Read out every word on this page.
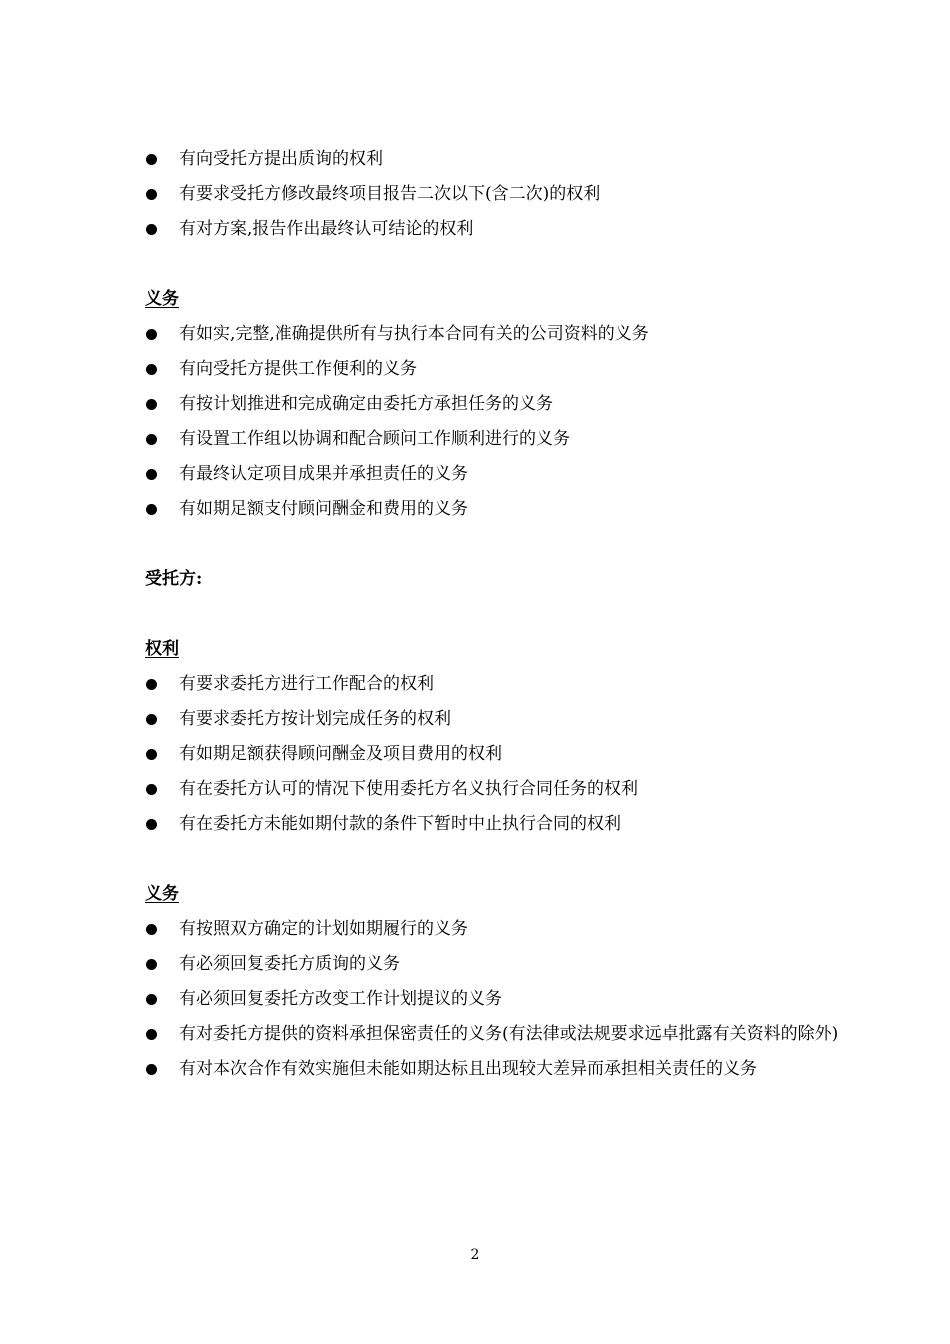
有向受托方提出质询的权利
有要求受托方修改最终项目报告二次以下(含二次)的权利
有对方案,报告作出最终认可结论的权利
义务
有如实,完整,准确提供所有与执行本合同有关的公司资料的义务
有向受托方提供工作便利的义务
有按计划推进和完成确定由委托方承担任务的义务
有设置工作组以协调和配合顾问工作顺利进行的义务
有最终认定项目成果并承担责任的义务
有如期足额支付顾问酬金和费用的义务
受托方:
权利
有要求委托方进行工作配合的权利
有要求委托方按计划完成任务的权利
有如期足额获得顾问酬金及项目费用的权利
有在委托方认可的情况下使用委托方名义执行合同任务的权利
有在委托方未能如期付款的条件下暂时中止执行合同的权利
义务
有按照双方确定的计划如期履行的义务
有必须回复委托方质询的义务
有必须回复委托方改变工作计划提议的义务
有对委托方提供的资料承担保密责任的义务(有法律或法规要求远卓批露有关资料的除外)
有对本次合作有效实施但未能如期达标且出现较大差异而承担相关责任的义务
2
